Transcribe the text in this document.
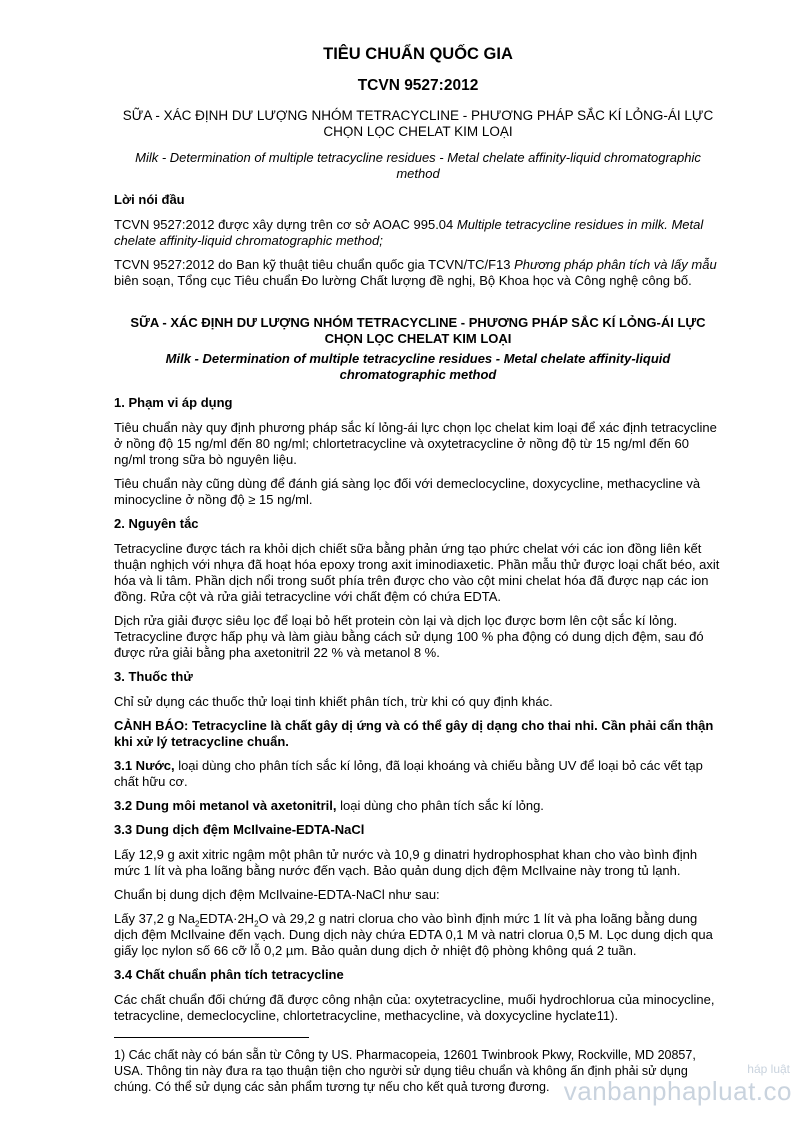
TIÊU CHUẨN QUỐC GIA
TCVN 9527:2012
SỮA - XÁC ĐỊNH DƯ LƯỢNG NHÓM TETRACYCLINE - PHƯƠNG PHÁP SẮC KÍ LỎNG-ÁI LỰC CHỌN LỌC CHELAT KIM LOẠI
Milk - Determination of multiple tetracycline residues - Metal chelate affinity-liquid chromatographic method
Lời nói đầu

TCVN 9527:2012 được xây dựng trên cơ sở AOAC 995.04 Multiple tetracycline residues in milk. Metal chelate affinity-liquid chromatographic method;

TCVN 9527:2012 do Ban kỹ thuật tiêu chuẩn quốc gia TCVN/TC/F13 Phương pháp phân tích và lấy mẫu biên soạn, Tổng cục Tiêu chuẩn Đo lường Chất lượng đề nghị, Bộ Khoa học và Công nghệ công bố.

SỮA - XÁC ĐỊNH DƯ LƯỢNG NHÓM TETRACYCLINE - PHƯƠNG PHÁP SẮC KÍ LỎNG-ÁI LỰC CHỌN LỌC CHELAT KIM LOẠI
Milk - Determination of multiple tetracycline residues - Metal chelate affinity-liquid chromatographic method
1. Phạm vi áp dụng

Tiêu chuẩn này quy định phương pháp sắc kí lỏng-ái lực chọn lọc chelat kim loại để xác định tetracycline ở nồng độ 15 ng/ml đến 80 ng/ml; chlortetracycline và oxytetracycline ở nồng độ từ 15 ng/ml đến 60 ng/ml trong sữa bò nguyên liệu.

Tiêu chuẩn này cũng dùng để đánh giá sàng lọc đối với demeclocycline, doxycycline, methacycline và minocycline ở nồng độ ≥ 15 ng/ml.

2. Nguyên tắc

Tetracycline được tách ra khỏi dịch chiết sữa bằng phản ứng tạo phức chelat với các ion đồng liên kết thuận nghịch với nhựa đã hoạt hóa epoxy trong axit iminodiaxetic. Phần mẫu thử được loại chất béo, axit hóa và li tâm. Phần dịch nổi trong suốt phía trên được cho vào cột mini chelat hóa đã được nạp các ion đồng. Rửa cột và rửa giải tetracycline với chất đệm có chứa EDTA.

Dịch rửa giải được siêu lọc để loại bỏ hết protein còn lại và dịch lọc được bơm lên cột sắc kí lỏng. Tetracycline được hấp phụ và làm giàu bằng cách sử dụng 100 % pha động có dung dịch đệm, sau đó được rửa giải bằng pha axetonitril 22 % và metanol 8 %.

3. Thuốc thử

Chỉ sử dụng các thuốc thử loại tinh khiết phân tích, trừ khi có quy định khác.

CẢNH BÁO: Tetracycline là chất gây dị ứng và có thể gây dị dạng cho thai nhi. Cần phải cẩn thận khi xử lý tetracycline chuẩn.

3.1 Nước, loại dùng cho phân tích sắc kí lỏng, đã loại khoáng và chiếu bằng UV để loại bỏ các vết tạp chất hữu cơ.

3.2 Dung môi metanol và axetonitril, loại dùng cho phân tích sắc kí lỏng.

3.3 Dung dịch đệm McIlvaine-EDTA-NaCl

Lấy 12,9 g axit xitric ngậm một phân tử nước và 10,9 g dinatri hydrophosphat khan cho vào bình định mức 1 lít và pha loãng bằng nước đến vạch. Bảo quản dung dịch đệm McIlvaine này trong tủ lạnh.

Chuẩn bị dung dịch đệm McIlvaine-EDTA-NaCl như sau:

Lấy 37,2 g $Na_2EDTA\cdot 2H_2O$ và 29,2 g natri clorua cho vào bình định mức 1 lít và pha loãng bằng dung dịch đệm McIlvaine đến vạch. Dung dịch này chứa EDTA 0,1 M và natri clorua 0,5 M. Lọc dung dịch qua giấy lọc nylon số 66 cỡ lỗ 0,2 µm. Bảo quản dung dịch ở nhiệt độ phòng không quá 2 tuần.

3.4 Chất chuẩn phân tích tetracycline

Các chất chuẩn đối chứng đã được công nhận của: oxytetracycline, muối hydrochlorua của minocycline, tetracycline, demeclocycline, chlortetracycline, methacycline, và doxycycline hyclate11).

1) Các chất này có bán sẵn từ Công ty US. Pharmacopeia, 12601 Twinbrook Pkwy, Rockville, MD 20857, USA. Thông tin này đưa ra tạo thuận tiện cho người sử dụng tiêu chuẩn và không ấn định phải sử dụng chúng. Có thể sử dụng các sản phẩm tương tự nếu cho kết quả tương đương.
háp luật
vanbanphapluat.co
